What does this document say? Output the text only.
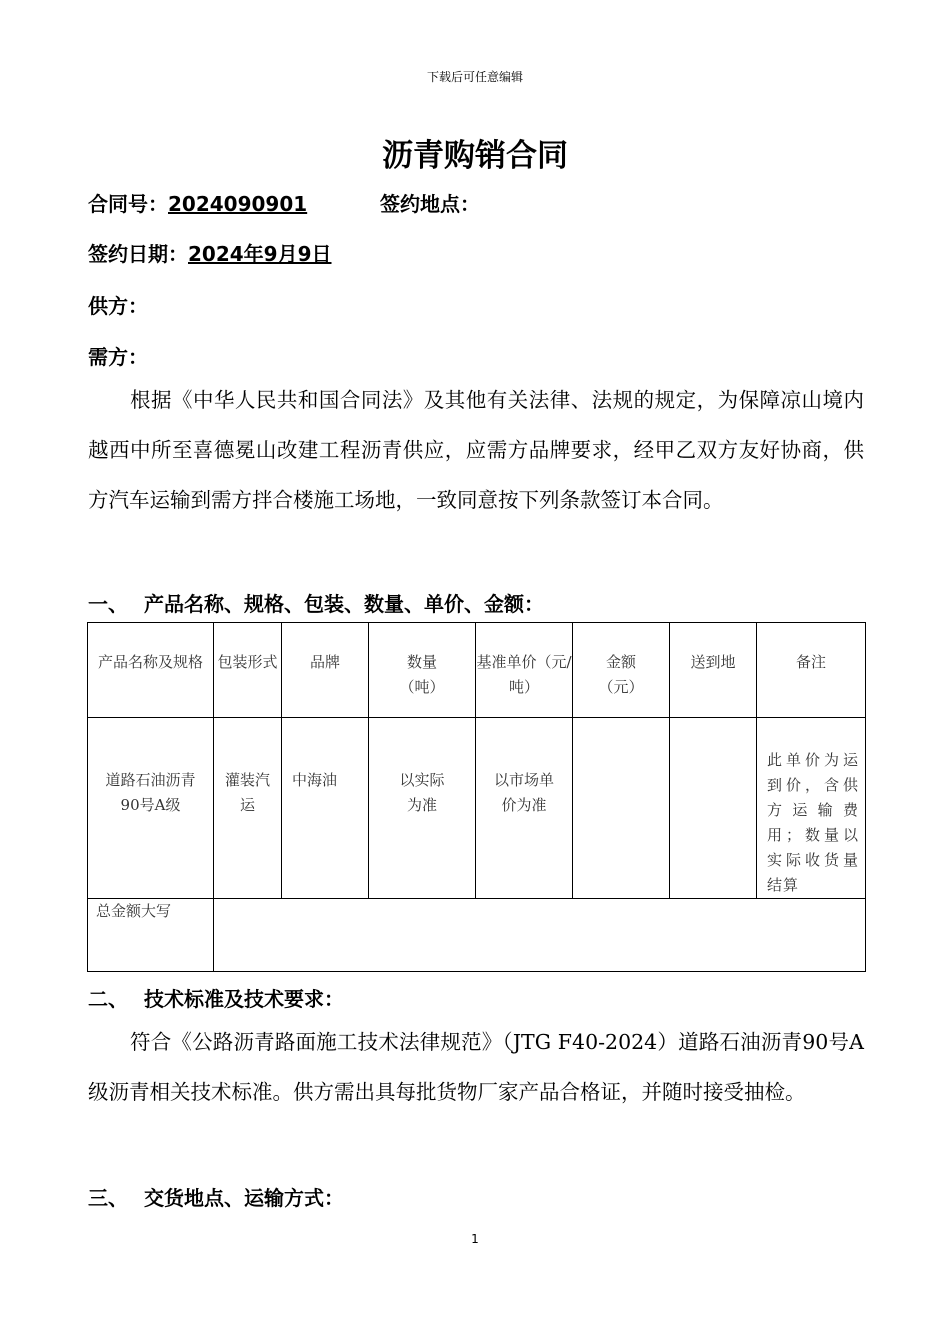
下载后可任意编辑
沥青购销合同
合同号：2024090901	签约地点：
签约日期：2024年9月9日
供方：
需方：
根据《中华人民共和国合同法》及其他有关法律、法规的规定，为保障凉山境内越西中所至喜德冕山改建工程沥青供应，应需方品牌要求，经甲乙双方友好协商，供方汽车运输到需方拌合楼施工场地，一致同意按下列条款签订本合同。
一、 产品名称、规格、包装、数量、单价、金额：
产品名称及规格	包装形式	品牌	数量（吨）	基准单价（元/吨）	金额（元）	送到地	备注

道路石油沥青90号A级	灌装汽运	中海油	以实际为准	以市场单价为准			此单价为运到价，含供方运输费用；数量以实际收货量结算

总金额大写							

二、 技术标准及技术要求：
符合《公路沥青路面施工技术法律规范》（JTG F40-2024）道路石油沥青90号A级沥青相关技术标准。供方需出具每批货物厂家产品合格证，并随时接受抽检。
三、 交货地点、运输方式：
1
